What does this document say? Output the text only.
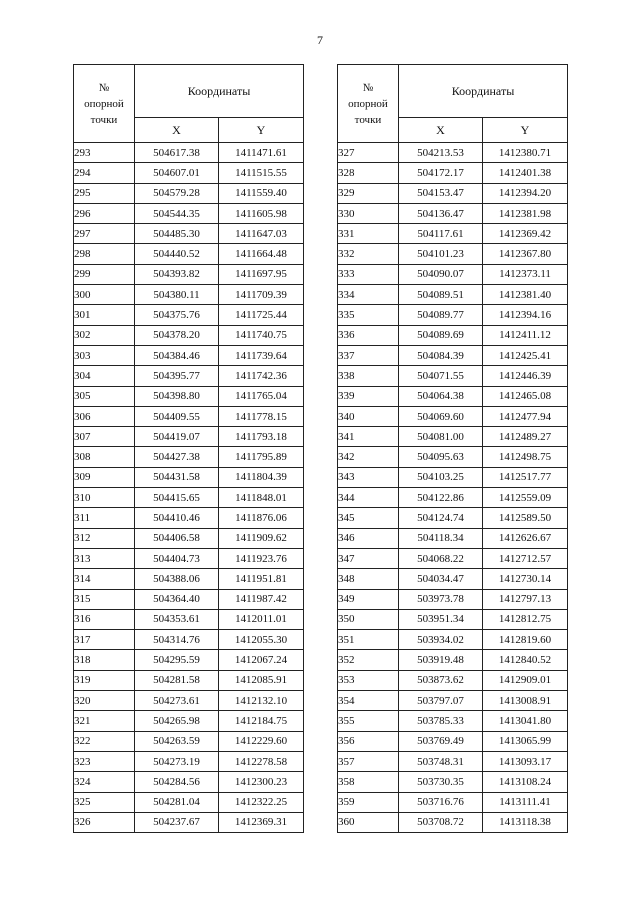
7
№
опорной
точки	Координаты	
	X	Y
293	504617.38	1411471.61
294	504607.01	1411515.55
295	504579.28	1411559.40
296	504544.35	1411605.98
297	504485.30	1411647.03
298	504440.52	1411664.48
299	504393.82	1411697.95
300	504380.11	1411709.39
301	504375.76	1411725.44
302	504378.20	1411740.75
303	504384.46	1411739.64
304	504395.77	1411742.36
305	504398.80	1411765.04
306	504409.55	1411778.15
307	504419.07	1411793.18
308	504427.38	1411795.89
309	504431.58	1411804.39
310	504415.65	1411848.01
311	504410.46	1411876.06
312	504406.58	1411909.62
313	504404.73	1411923.76
314	504388.06	1411951.81
315	504364.40	1411987.42
316	504353.61	1412011.01
317	504314.76	1412055.30
318	504295.59	1412067.24
319	504281.58	1412085.91
320	504273.61	1412132.10
321	504265.98	1412184.75
322	504263.59	1412229.60
323	504273.19	1412278.58
324	504284.56	1412300.23
325	504281.04	1412322.25
326	504237.67	1412369.31
№
опорной
точки	Координаты	
	X	Y
327	504213.53	1412380.71
328	504172.17	1412401.38
329	504153.47	1412394.20
330	504136.47	1412381.98
331	504117.61	1412369.42
332	504101.23	1412367.80
333	504090.07	1412373.11
334	504089.51	1412381.40
335	504089.77	1412394.16
336	504089.69	1412411.12
337	504084.39	1412425.41
338	504071.55	1412446.39
339	504064.38	1412465.08
340	504069.60	1412477.94
341	504081.00	1412489.27
342	504095.63	1412498.75
343	504103.25	1412517.77
344	504122.86	1412559.09
345	504124.74	1412589.50
346	504118.34	1412626.67
347	504068.22	1412712.57
348	504034.47	1412730.14
349	503973.78	1412797.13
350	503951.34	1412812.75
351	503934.02	1412819.60
352	503919.48	1412840.52
353	503873.62	1412909.01
354	503797.07	1413008.91
355	503785.33	1413041.80
356	503769.49	1413065.99
357	503748.31	1413093.17
358	503730.35	1413108.24
359	503716.76	1413111.41
360	503708.72	1413118.38
